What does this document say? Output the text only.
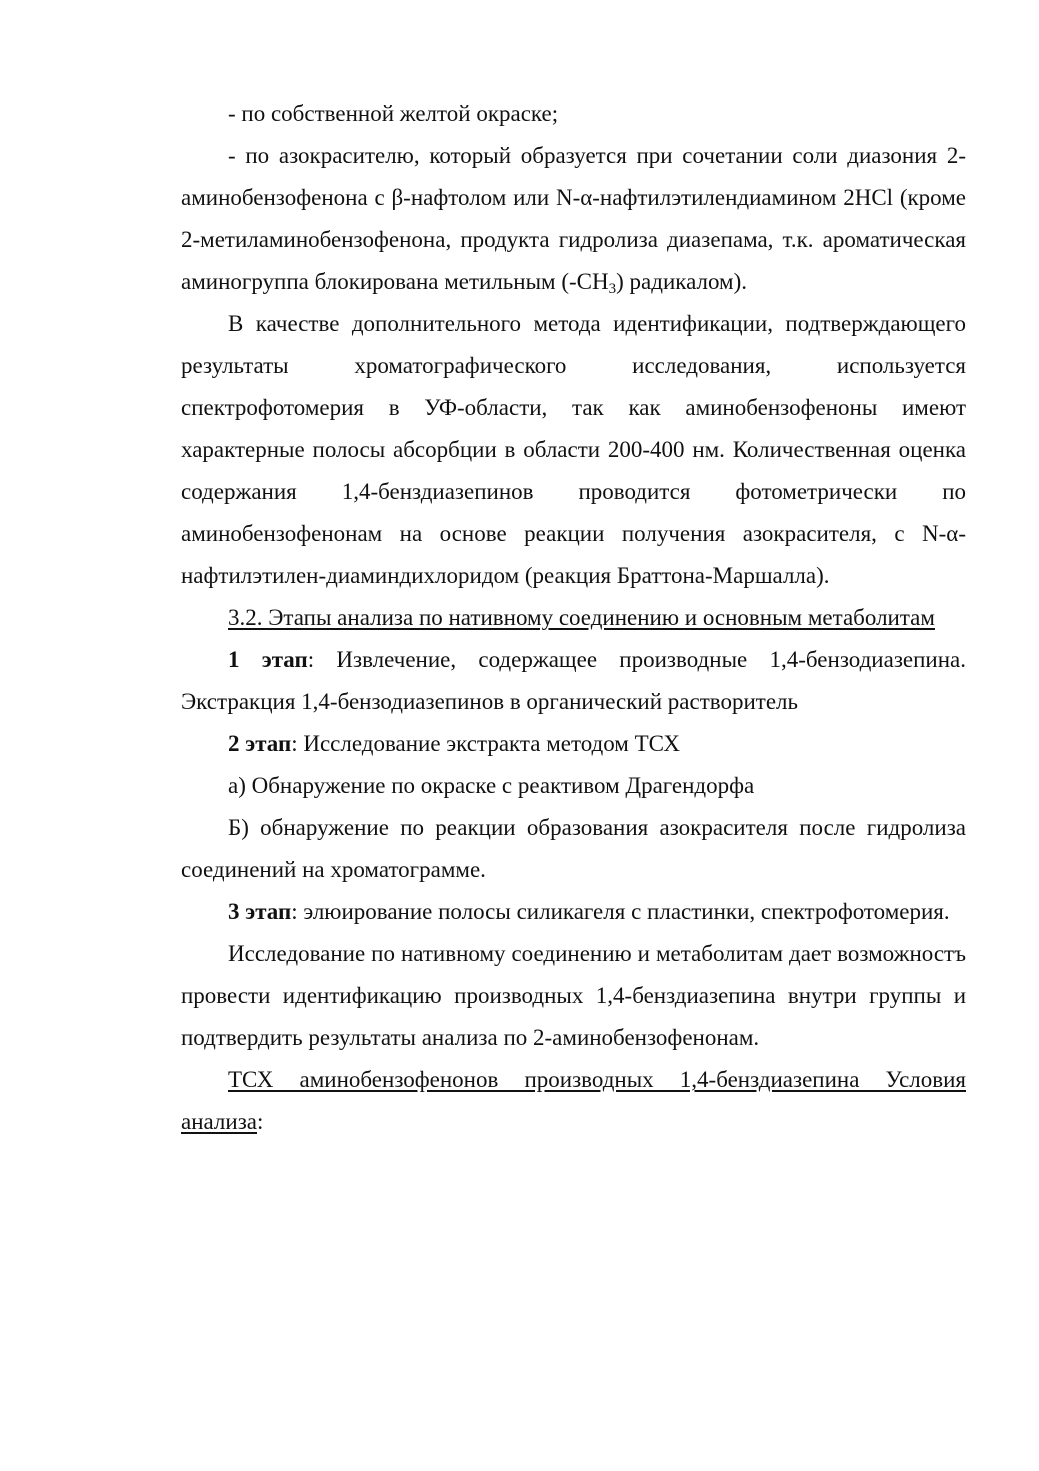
- по собственной желтой окраске;

- по азокрасителю, который образуется при сочетании соли диазония 2-аминобензофенона с β-нафтолом или N-α-нафтилэтилендиамином 2HCl (кроме 2-метиламинобензофенона, продукта гидролиза диазепама, т.к. ароматическая аминогруппа блокирована метильным $(-CH_3)$ радикалом).

В качестве дополнительного метода идентификации, подтверждающего результаты хроматографического исследования, используется спектрофотомерия в УФ-области, так как аминобензофеноны имеют характерные полосы абсорбции в области 200-400 нм. Количественная оценка содержания 1,4-бенздиазепинов проводится фотометрически по аминобензофенонам на основе реакции получения азокрасителя, с N-α-нафтилэтилен-диаминдихлоридом (реакция Браттона-Маршалла).

3.2. Этапы анализа по нативному соединению и основным метаболитам

1 этап: Извлечение, содержащее производные 1,4-бензодиазепина. Экстракция 1,4-бензодиазепинов в органический растворитель

2 этап: Исследование экстракта методом ТСХ

а) Обнаружение по окраске с реактивом Драгендорфа

Б) обнаружение по реакции образования азокрасителя после гидролиза соединений на хроматограмме.

3 этап: элюирование полосы силикагеля с пластинки, спектрофотомерия.

Исследование по нативному соединению и метаболитам дает возможностъ провести идентификацию производных 1,4-бенздиазепина внутри группы и подтвердить результаты анализа по 2-аминобензофенонам.

ТСХ аминобензофенонов производных 1,4-бенздиазепина Условия анализа:
